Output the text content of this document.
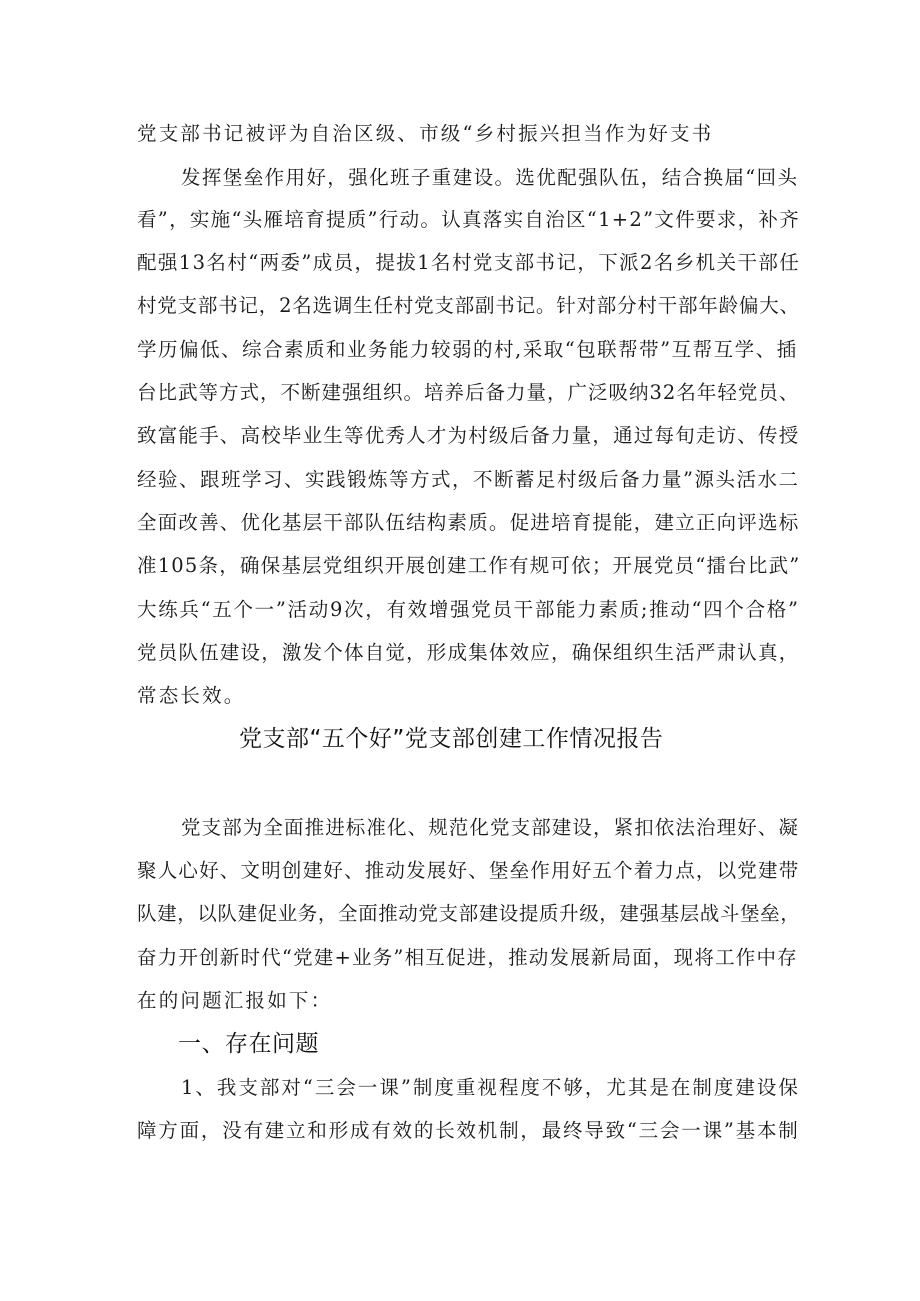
党支部书记被评为自治区级、市级“乡村振兴担当作为好支书
发挥堡垒作用好，强化班子重建设。选优配强队伍，结合换届“回头
看”，实施“头雁培育提质”行动。认真落实自治区“1+2”文件要求，补齐
配强13名村“两委”成员，提拔1名村党支部书记，下派2名乡机关干部任
村党支部书记，2名选调生任村党支部副书记。针对部分村干部年龄偏大、
学历偏低、综合素质和业务能力较弱的村,采取“包联帮带”互帮互学、插
台比武等方式，不断建强组织。培养后备力量，广泛吸纳32名年轻党员、
致富能手、高校毕业生等优秀人才为村级后备力量，通过每旬走访、传授
经验、跟班学习、实践锻炼等方式，不断蓄足村级后备力量”源头活水二
全面改善、优化基层干部队伍结构素质。促进培育提能，建立正向评选标
准105条，确保基层党组织开展创建工作有规可依；开展党员“擂台比武”
大练兵“五个一”活动9次，有效增强党员干部能力素质;推动“四个合格”
党员队伍建设，激发个体自觉，形成集体效应，确保组织生活严肃认真，
常态长效。
党支部“五个好”党支部创建工作情况报告
党支部为全面推进标准化、规范化党支部建设，紧扣依法治理好、凝
聚人心好、文明创建好、推动发展好、堡垒作用好五个着力点，以党建带
队建，以队建促业务，全面推动党支部建设提质升级，建强基层战斗堡垒，
奋力开创新时代“党建+业务”相互促进，推动发展新局面，现将工作中存
在的问题汇报如下：
一、存在问题
1、我支部对“三会一课”制度重视程度不够，尤其是在制度建设保
障方面，没有建立和形成有效的长效机制，最终导致“三会一课”基本制
